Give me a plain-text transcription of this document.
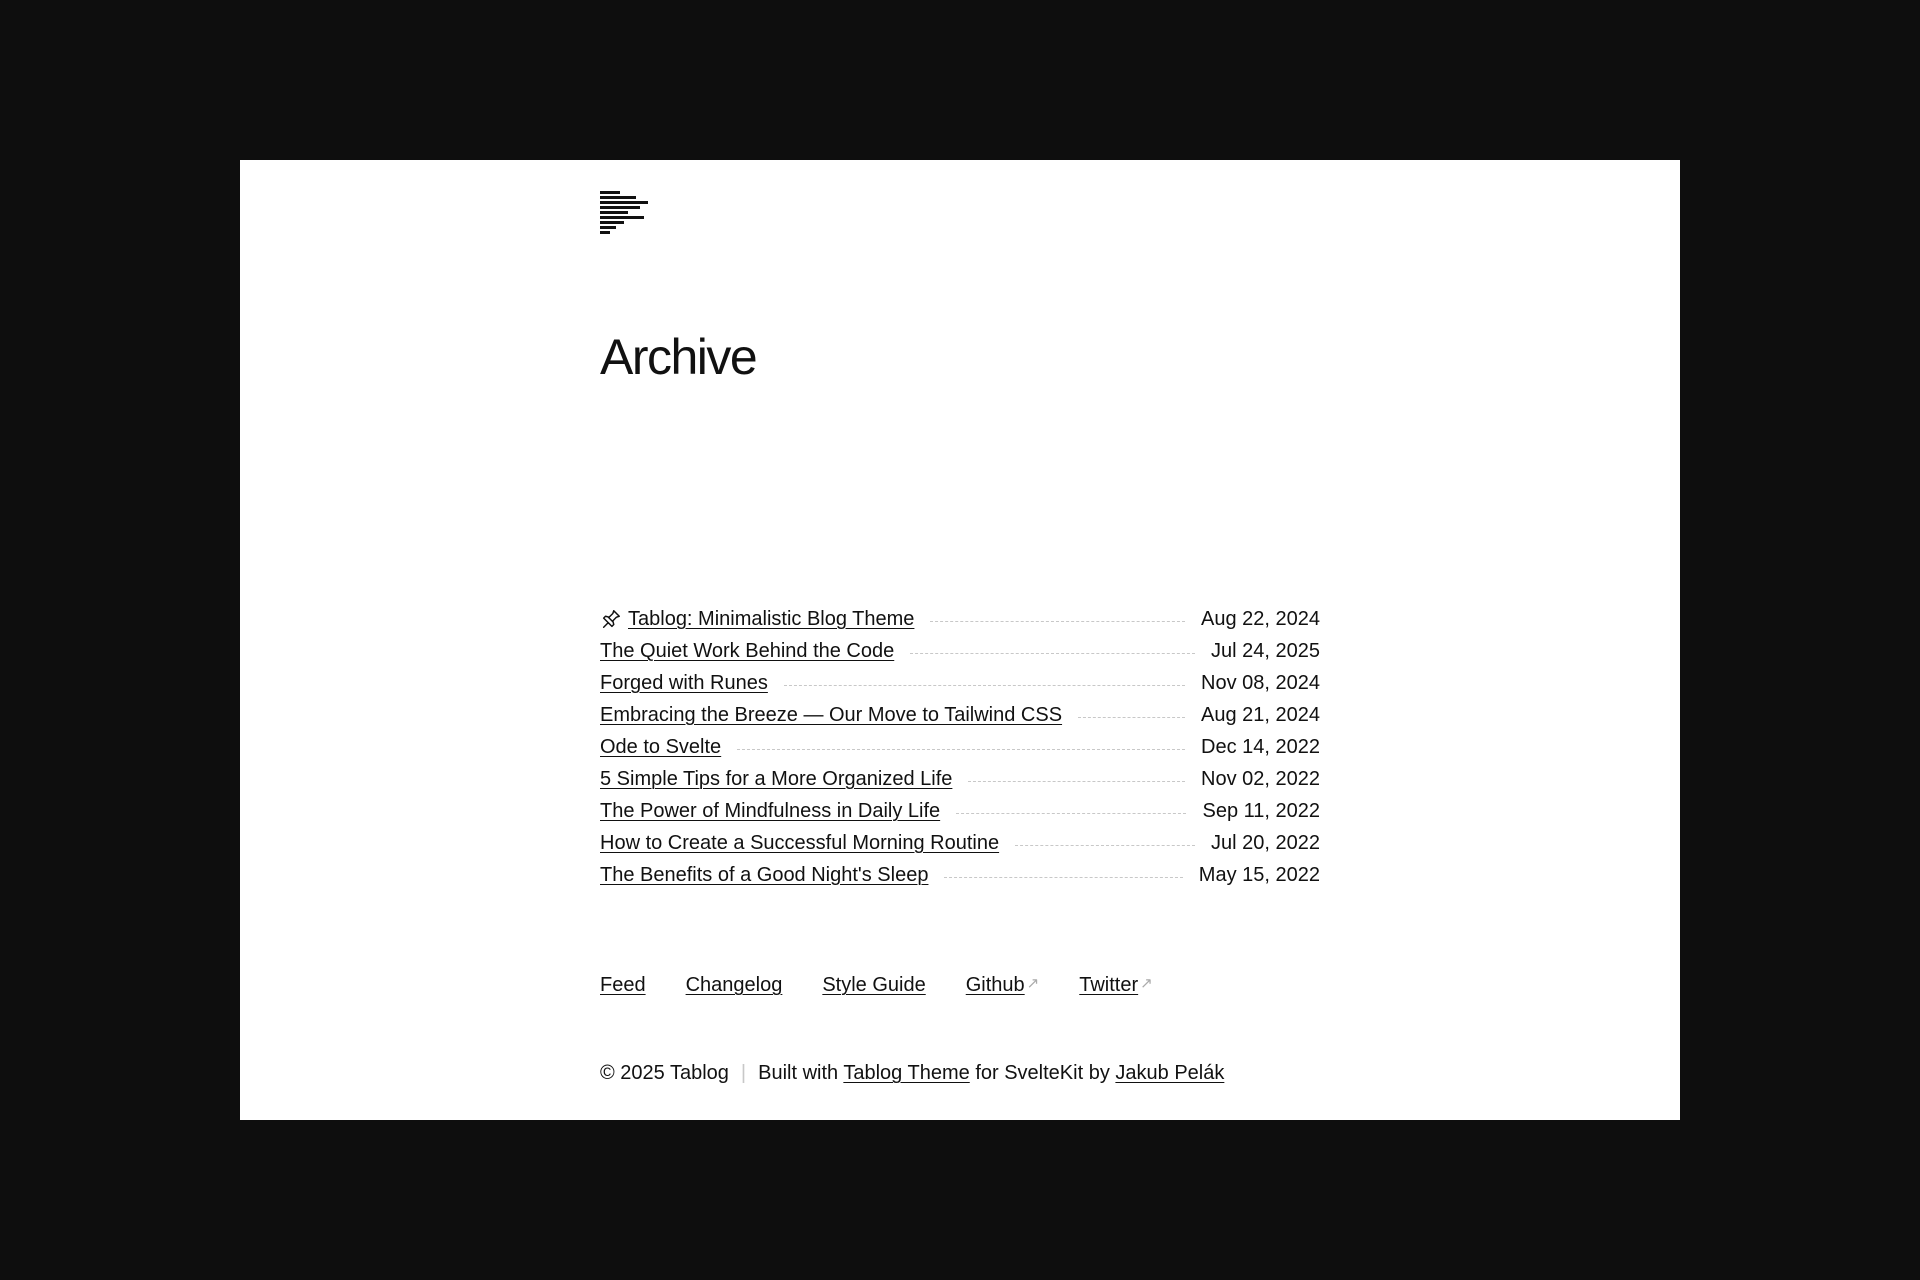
Archive
Tablog: Minimalistic Blog Theme	Aug 22, 2024
The Quiet Work Behind the Code	Jul 24, 2025
Forged with Runes	Nov 08, 2024
Embracing the Breeze — Our Move to Tailwind CSS	Aug 21, 2024
Ode to Svelte	Dec 14, 2022
5 Simple Tips for a More Organized Life	Nov 02, 2022
The Power of Mindfulness in Daily Life	Sep 11, 2022
How to Create a Successful Morning Routine	Jul 20, 2022
The Benefits of a Good Night's Sleep	May 15, 2022
Feed Changelog Style Guide Github ↗ Twitter ↗
© 2025 Tablog | Built with Tablog Theme for SvelteKit by Jakub Pelák
